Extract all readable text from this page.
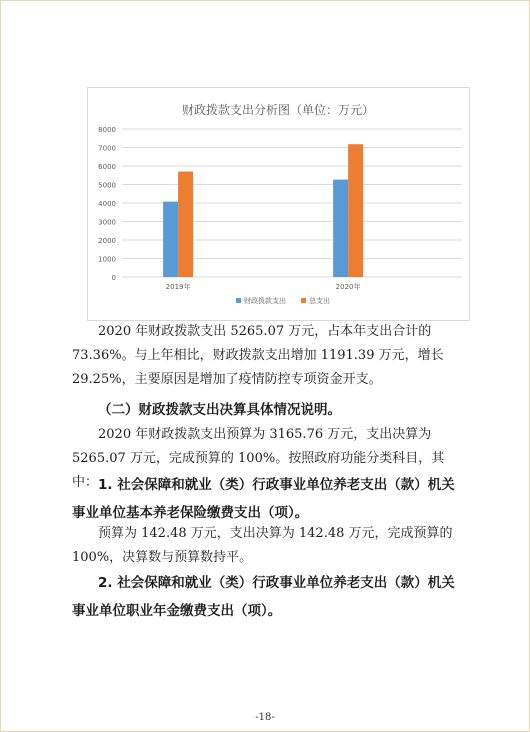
财政拨款支出分析图（单位：万元）
0
1000
2000
3000
4000
5000
6000
7000
8000
2019年	2020年
财政拨款支出	总支出

2020 年财政拨款支出 5265.07 万元，占本年支出合计的 73.36%。与上年相比，财政拨款支出增加 1191.39 万元，增长 29.25%，主要原因是增加了疫情防控专项资金开支。

（二）财政拨款支出决算具体情况说明。

2020 年财政拨款支出预算为 3165.76 万元，支出决算为 5265.07 万元，完成预算的 100%。按照政府功能分类科目，其中： 1. 社会保障和就业（类）行政事业单位养老支出（款）机关事业单位基本养老保险缴费支出（项）。

预算为 142.48 万元，支出决算为 142.48 万元，完成预算的 100%，决算数与预算数持平。

2. 社会保障和就业（类）行政事业单位养老支出（款）机关事业单位职业年金缴费支出（项）。

-18-
